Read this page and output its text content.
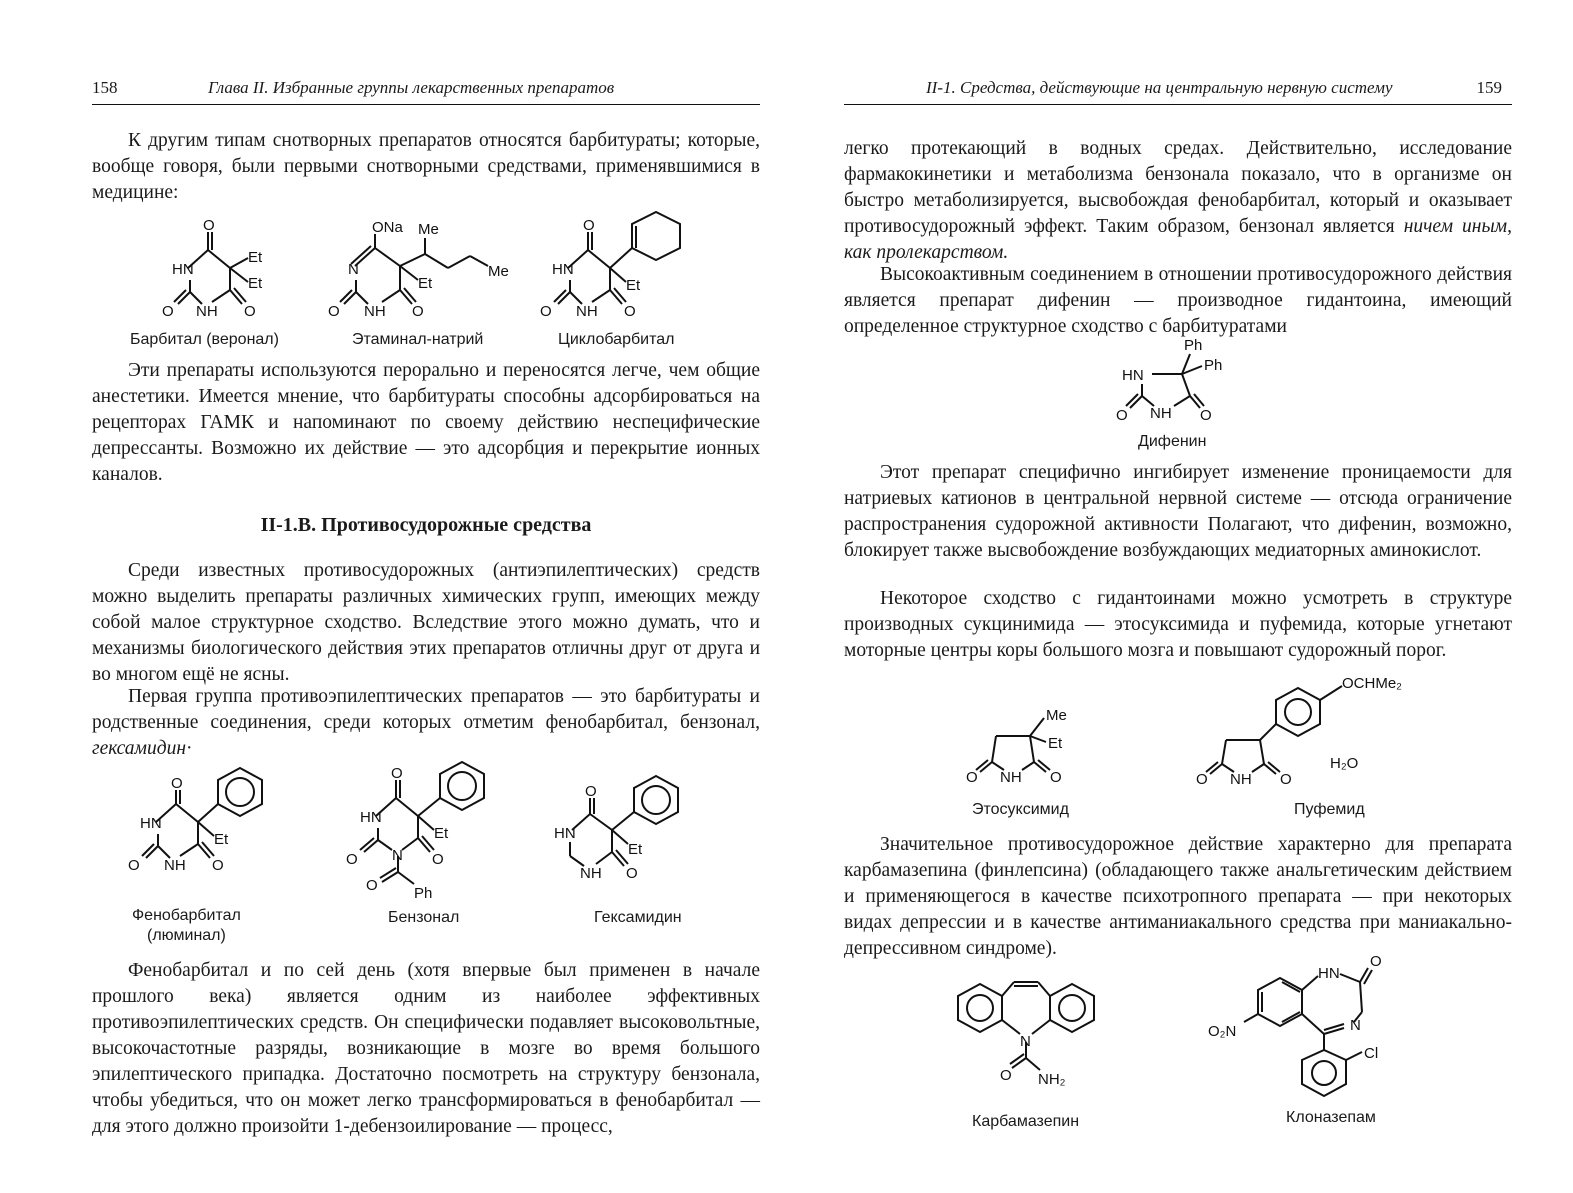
158	Глава II. Избранные группы лекарственных препаратов

К другим типам снотворных препаратов относятся барбитураты; которые, вообще говоря, были первыми снотворными средствами, применявшимися в медицине:

O
HN
Et
Et
NH O
O
ONa Me
N
Et
Me
NH O
O
O
HN
Et
NH O
O
Барбитал (веронал)	Этаминал-натрий	Циклобарбитал

Эти препараты используются перорально и переносятся легче, чем общие анестетики. Имеется мнение, что барбитураты способны адсорбироваться на рецепторах ГАМК и напоминают по своему действию неспецифические депрессанты. Возможно их действие — это адсорбция и перекрытие ионных каналов.

II-1.В. Противосудорожные средства

Среди известных противосудорожных (антиэпилептических) средств можно выделить препараты различных химических групп, имеющих между собой малое структурное сходство. Вследствие этого можно думать, что и механизмы биологического действия этих препаратов отличны друг от друга и во многом ещё не ясны.

Первая группа противоэпилептических препаратов — это барбитураты и родственные соединения, среди которых отметим фенобарбитал, бензонал, гексамидин·

O
HN
Et
NH O
O
O
HN
Et
N O
O
O Ph
O
HN
Et
NH O
Фенобарбитал
(люминал)
Бензонал	Гексамидин

Фенобарбитал и по сей день (хотя впервые был применен в начале прошлого века) является одним из наиболее эффективных противоэпилептических средств. Он специфически подавляет высоковольтные, высокочастотные разряды, возникающие в мозге во время большого эпилептического припадка. Достаточно посмотреть на структуру бензонала, чтобы убедиться, что он может легко трансформироваться в фенобарбитал — для этого должно произойти 1-дебензоилирование — процесс,

II-1. Средства, действующие на центральную нервную систему	159

легко протекающий в водных средах. Действительно, исследование фармакокинетики и метаболизма бензонала показало, что в организме он быстро метаболизируется, высвобождая фенобарбитал, который и оказывает противосудорожный эффект. Таким образом, бензонал является ничем иным, как пролекарством.

Высокоактивным соединением в отношении противосудорожного действия является препарат дифенин — производное гидантоина, имеющий определенное структурное сходство с барбитуратами

Ph
Ph
HN
NH O
O
Дифенин

Этот препарат специфично ингибирует изменение проницаемости для натриевых катионов в центральной нервной системе — отсюда ограничение распространения судорожной активности Полагают, что дифенин, возможно, блокирует также высвобождение возбуждающих медиаторных аминокислот.

Некоторое сходство с гидантоинами можно усмотреть в структуре производных сукцинимида — этосуксимида и пуфемида, которые угнетают моторные центры коры большого мозга и повышают судорожный порог.

Me
Et
NH O
O
OCHMe₂
NH O
O
H₂O
Этосуксимид	Пуфемид

Значительное противосудорожное действие характерно для препарата карбамазепина (финлепсина) (обладающего также анальгетическим действием и применяющегося в качестве психотропного препарата — при некоторых видах депрессии и в качестве антиманиакального средства при маниакально-депрессивном синдроме).

N
O NH₂
HN
O
N
O₂N
Cl
Карбамазепин	Клоназепам
